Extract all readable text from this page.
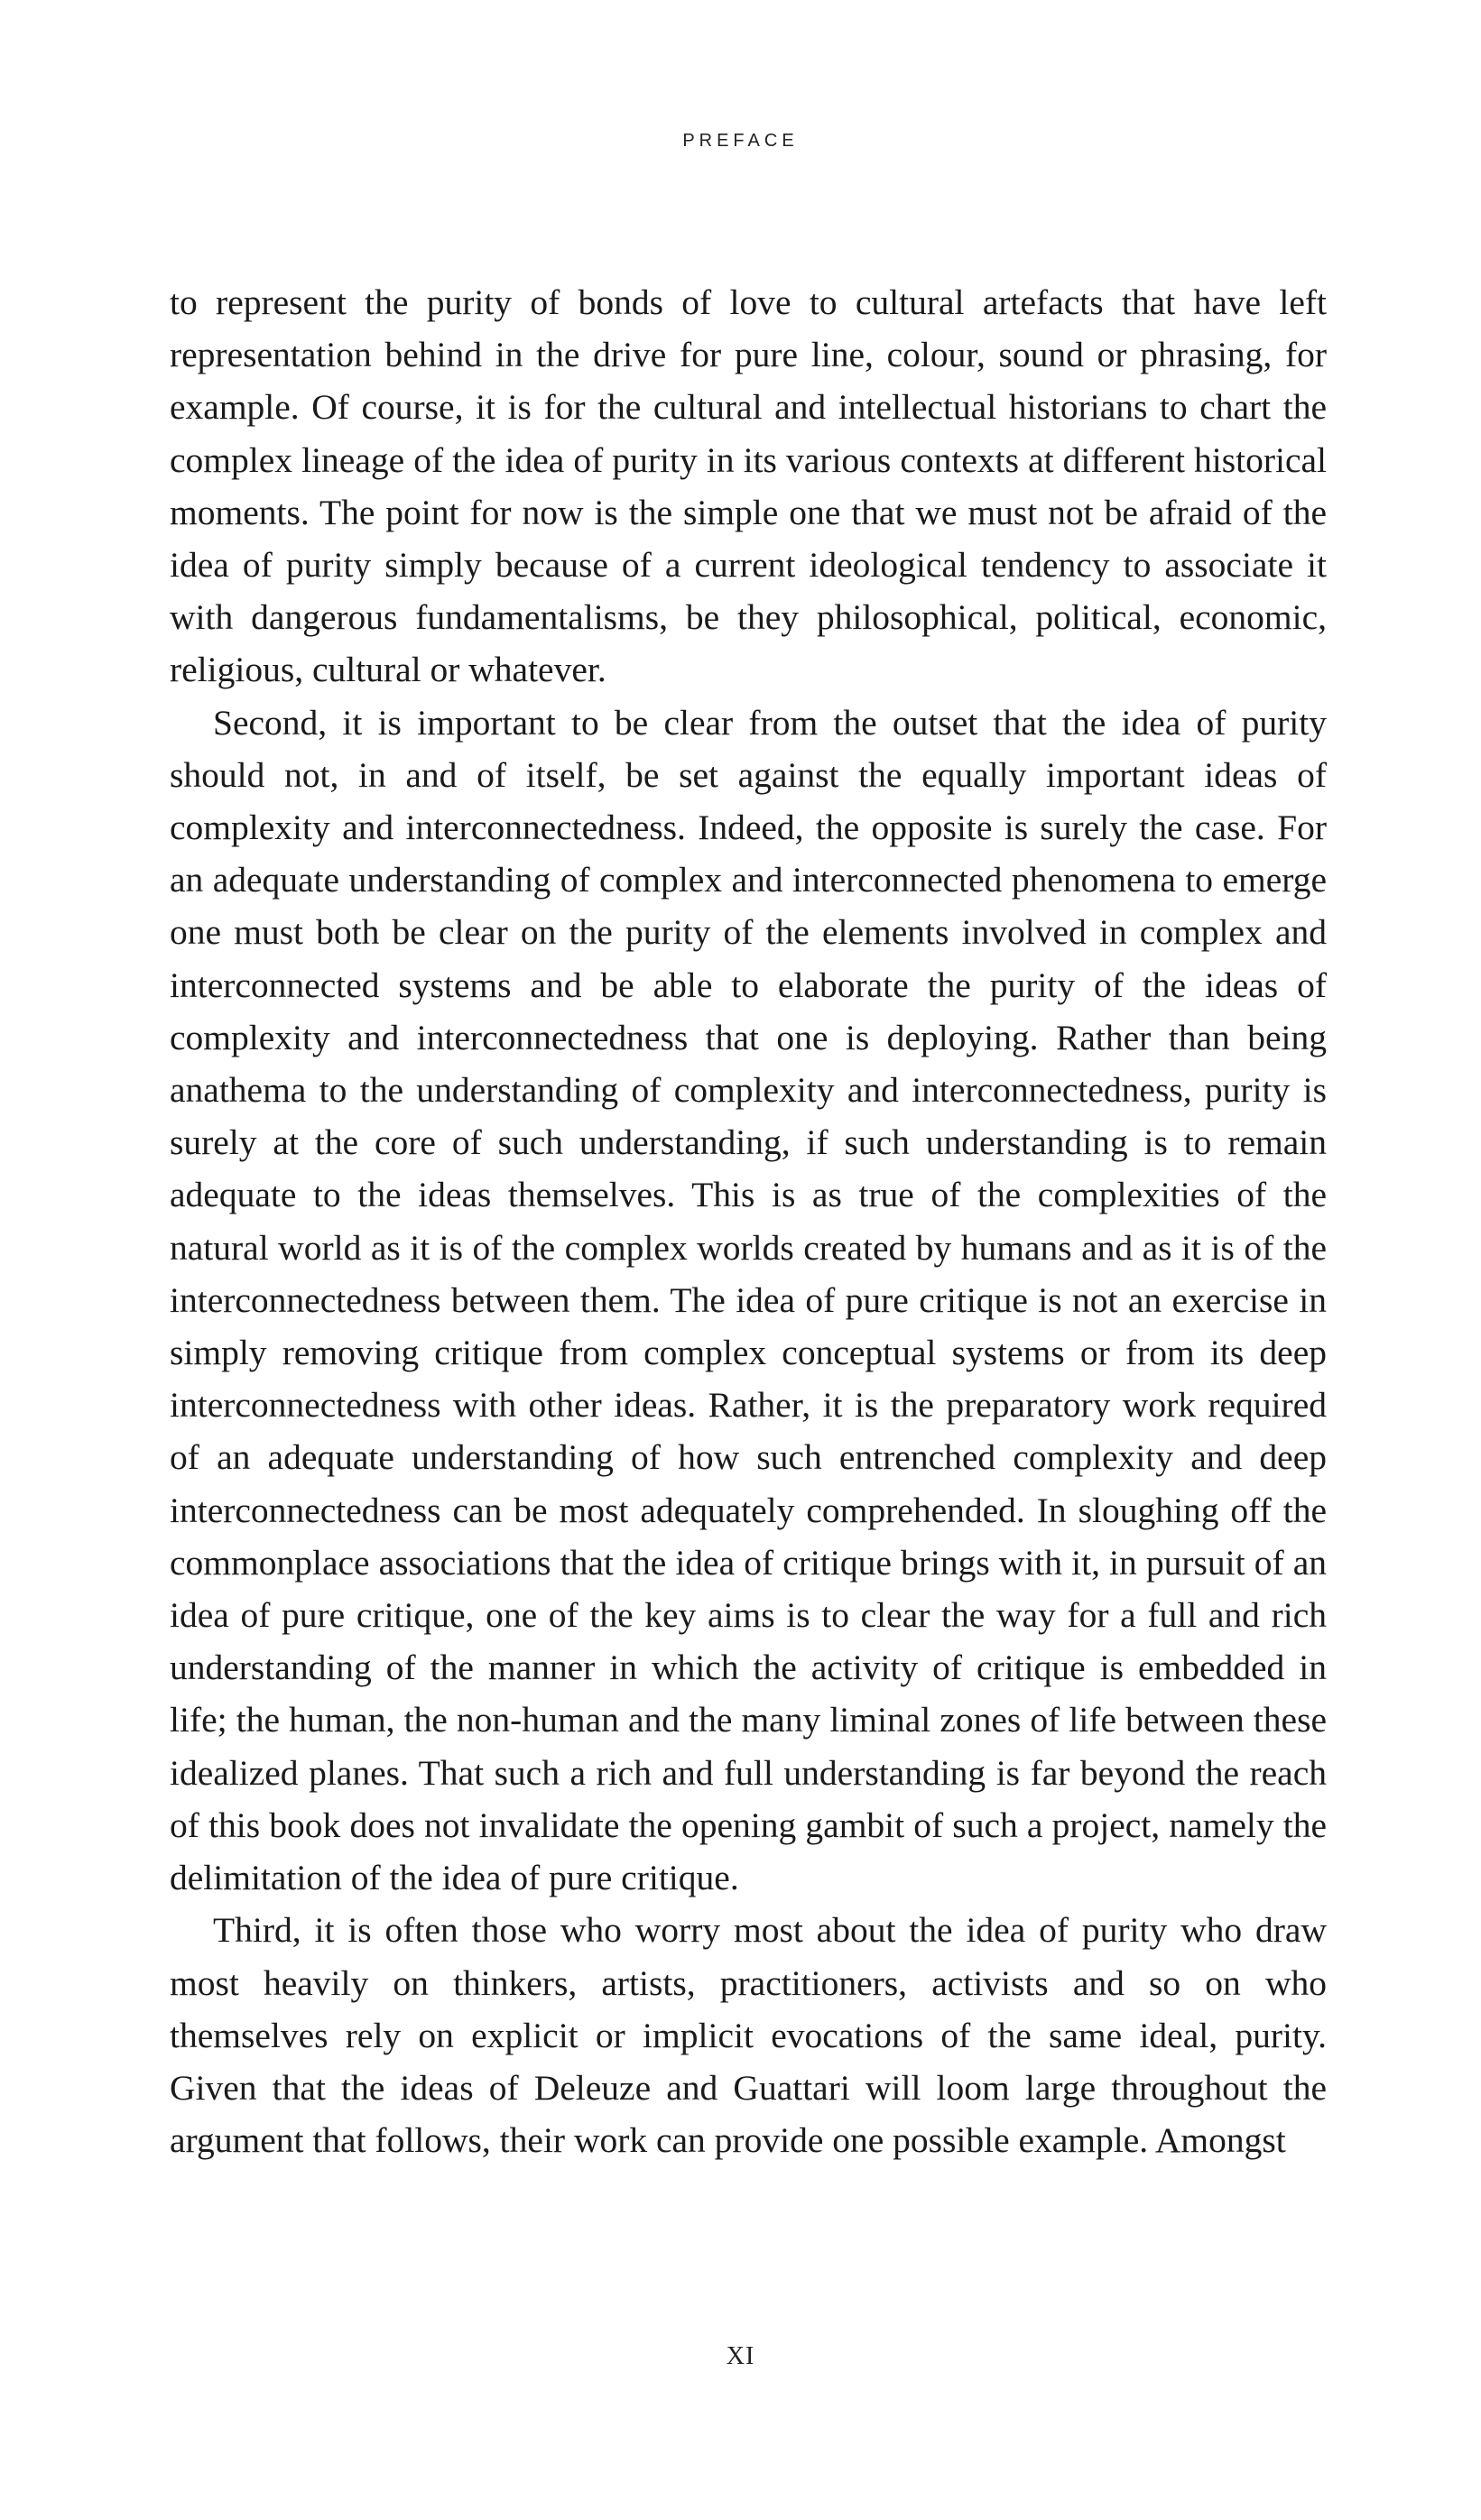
PREFACE

to represent the purity of bonds of love to cultural artefacts that have left representation behind in the drive for pure line, colour, sound or phrasing, for example. Of course, it is for the cultural and intellectual historians to chart the complex lineage of the idea of purity in its various contexts at different historical moments. The point for now is the simple one that we must not be afraid of the idea of purity simply because of a current ideological tendency to associate it with dangerous fundamentalisms, be they philosophical, political, economic, religious, cultural or whatever.

Second, it is important to be clear from the outset that the idea of purity should not, in and of itself, be set against the equally important ideas of complexity and interconnectedness. Indeed, the opposite is surely the case. For an adequate understanding of complex and interconnected phenomena to emerge one must both be clear on the purity of the elements involved in complex and interconnected systems and be able to elaborate the purity of the ideas of complexity and interconnectedness that one is deploying. Rather than being anathema to the understanding of complexity and interconnectedness, purity is surely at the core of such understanding, if such understanding is to remain adequate to the ideas themselves. This is as true of the complexities of the natural world as it is of the complex worlds created by humans and as it is of the interconnectedness between them. The idea of pure critique is not an exercise in simply removing critique from complex conceptual systems or from its deep interconnectedness with other ideas. Rather, it is the preparatory work required of an adequate understanding of how such entrenched complexity and deep interconnectedness can be most adequately comprehended. In sloughing off the commonplace associations that the idea of critique brings with it, in pursuit of an idea of pure critique, one of the key aims is to clear the way for a full and rich understanding of the manner in which the activity of critique is embedded in life; the human, the non-human and the many liminal zones of life between these idealized planes. That such a rich and full understanding is far beyond the reach of this book does not invalidate the opening gambit of such a project, namely the delimitation of the idea of pure critique.

Third, it is often those who worry most about the idea of purity who draw most heavily on thinkers, artists, practitioners, activists and so on who themselves rely on explicit or implicit evocations of the same ideal, purity. Given that the ideas of Deleuze and Guattari will loom large throughout the argument that follows, their work can provide one possible example. Amongst

XI
